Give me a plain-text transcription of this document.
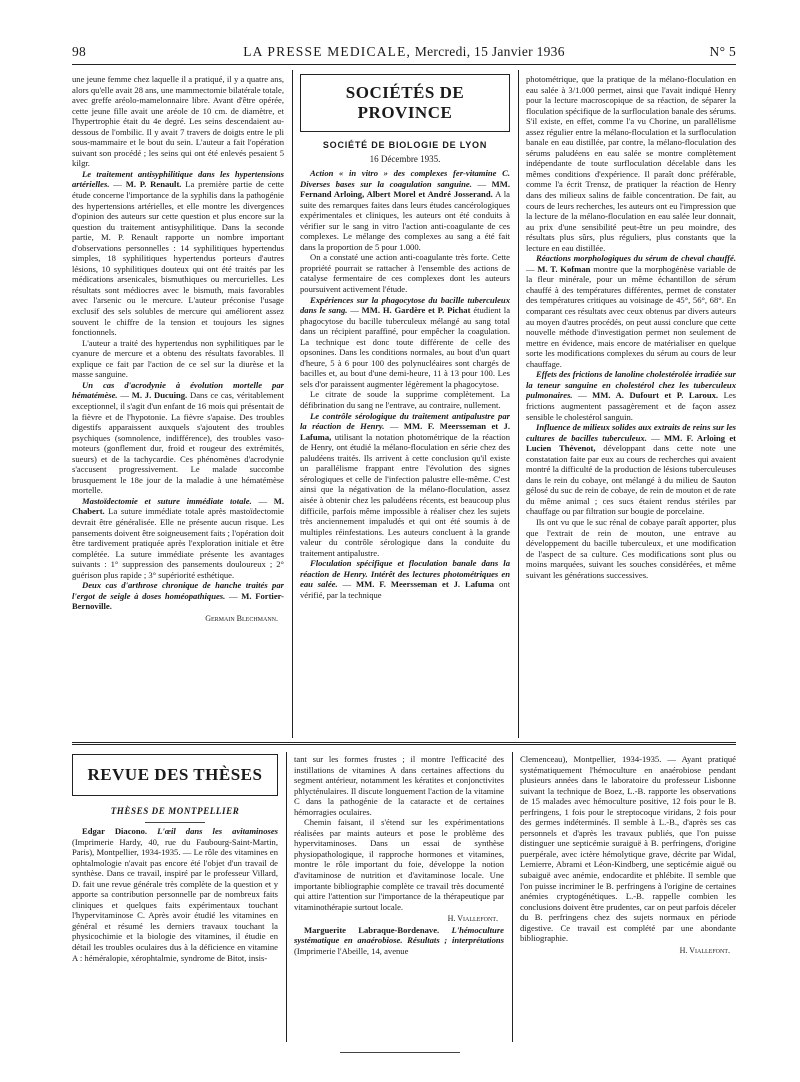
98	LA PRESSE MEDICALE, Mercredi, 15 Janvier 1936	N° 5

une jeune femme chez laquelle il a pratiqué, il y a quatre ans, alors qu'elle avait 28 ans, une mammectomie bilatérale totale, avec greffe aréolo-mamelonnaire libre. Avant d'être opérée, cette jeune fille avait une aréole de 10 cm. de diamètre, et l'hypertrophie était du 4e degré. Les seins descendaient au-dessous de l'ombilic. Il y avait 7 travers de doigts entre le pli sous-mammaire et le bout du sein. L'auteur a fait l'opération suivant son procédé ; les seins qui ont été enlevés pesaient 5 kilgr.

Le traitement antisyphilitique dans les hypertensions artérielles. — M. P. Renault. La première partie de cette étude concerne l'importance de la syphilis dans la pathogénie des hypertensions artérielles, et elle montre les divergences d'opinion des auteurs sur cette question et plus encore sur la question du traitement antisyphilitique. Dans la seconde partie, M. P. Renault rapporte un nombre important d'observations personnelles : 14 syphilitiques hypertendus simples, 18 syphilitiques hypertendus porteurs d'autres lésions, 10 syphilitiques douteux qui ont été traités par les médications arsenicales, bismuthiques ou mercurielles. Les résultats sont médiocres avec le bismuth, mais favorables avec l'arsenic ou le mercure. L'auteur préconise l'usage exclusif des sels solubles de mercure qui améliorent assez souvent le chiffre de la tension et toujours les signes fonctionnels.

L'auteur a traité des hypertendus non syphilitiques par le cyanure de mercure et a obtenu des résultats favorables. Il explique ce fait par l'action de ce sel sur la diurèse et la masse sanguine.

Un cas d'acrodynie à évolution mortelle par hématémèse. — M. J. Ducuing. Dans ce cas, véritablement exceptionnel, il s'agit d'un enfant de 16 mois qui présentait de la fièvre et de l'hypotonie. La fièvre s'apaise. Des troubles digestifs apparaissent auxquels s'ajoutent des troubles psychiques (somnolence, indifférence), des troubles vaso-moteurs (gonflement dur, froid et rougeur des extrémités, sueurs) et de la tachycardie. Ces phénomènes d'acrodynie s'accusent progressivement. Le malade succombe brusquement le 18e jour de la maladie à une hématémèse mortelle.

Mastoïdectomie et suture immédiate totale. — M. Chabert. La suture immédiate totale après mastoïdectomie devrait être généralisée. Elle ne présente aucun risque. Les pansements doivent être soigneusement faits ; l'opération doit être tardivement pratiquée après l'exploration initiale et être complétée. La suture immédiate présente les avantages suivants : 1° suppression des pansements douloureux ; 2° guérison plus rapide ; 3° supériorité esthétique.

Deux cas d'arthrose chronique de hanche traités par l'ergot de seigle à doses homéopathiques. — M. Fortier-Bernoville.

Germain Blechmann.
SOCIÉTÉS DE PROVINCE
SOCIÉTÉ DE BIOLOGIE DE LYON
16 Décembre 1935.

Action « in vitro » des complexes fer-vitamine C. Diverses bases sur la coagulation sanguine. — MM. Fernand Arloing, Albert Morel et André Josserand. A la suite des remarques faites dans leurs études cancérologiques expérimentales et cliniques, les auteurs ont été conduits à vérifier sur le sang in vitro l'action anti-coagulante de ces complexes. Le mélange des complexes au sang a été fait dans la proportion de 5 pour 1.000.

On a constaté une action anti-coagulante très forte. Cette propriété pourrait se rattacher à l'ensemble des actions de catalyse fermentaire de ces complexes dont les auteurs poursuivent activement l'étude.

Expériences sur la phagocytose du bacille tuberculeux dans le sang. — MM. H. Gardère et P. Pichat étudient la phagocytose du bacille tuberculeux mélangé au sang total dans un récipient paraffiné, pour empêcher la coagulation. La technique est donc toute différente de celle des opsonines. Dans les conditions normales, au bout d'un quart d'heure, 5 à 6 pour 100 des polynucléaires sont chargés de bacilles et, au bout d'une demi-heure, 11 à 13 pour 100. Les sels d'or paraissent augmenter légèrement la phagocytose.

Le citrate de soude la supprime complètement. La défibrination du sang ne l'entrave, au contraire, nullement.

Le contrôle sérologique du traitement antipalustre par la réaction de Henry. — MM. F. Meersseman et J. Lafuma, utilisant la notation photométrique de la réaction de Henry, ont étudié la mélano-floculation en série chez des paludéens traités. Ils arrivent à cette conclusion qu'il existe un parallélisme frappant entre l'évolution des signes sérologiques et celle de l'infection palustre elle-même. C'est ainsi que la négativation de la mélano-floculation, assez aisée à obtenir chez les paludéens récents, est beaucoup plus difficile, parfois même impossible à réaliser chez les sujets très anciennement impaludés et qui ont été soumis à de multiples réinfestations. Les auteurs concluent à la grande valeur du contrôle sérologique dans la conduite du traitement antipalustre.

Floculation spécifique et floculation banale dans la réaction de Henry. Intérêt des lectures photométriques en eau salée. — MM. F. Meersseman et J. Lafuma ont vérifié, par la technique

photométrique, que la pratique de la mélano-floculation en eau salée à 3/1.000 permet, ainsi que l'avait indiqué Henry pour la lecture macroscopique de sa réaction, de séparer la floculation spécifique de la surfloculation banale des sérums. S'il existe, en effet, comme l'a vu Chorine, un parallélisme assez régulier entre la mélano-floculation et la surfloculation banale en eau distillée, par contre, la mélano-floculation des sérums paludéens en eau salée se montre complètement indépendante de toute surfloculation décelable dans les mêmes conditions d'expérience. Il paraît donc préférable, comme l'a écrit Trensz, de pratiquer la réaction de Henry dans des milieux salins de faible concentration. De fait, au cours de leurs recherches, les auteurs ont eu l'impression que la lecture de la mélano-floculation en eau salée leur donnait, au prix d'une sensibilité peut-être un peu moindre, des résultats plus sûrs, plus réguliers, plus constants que la lecture en eau distillée.

Réactions morphologiques du sérum de cheval chauffé. — M. T. Kofman montre que la morphogénèse variable de la fleur minérale, pour un même échantillon de sérum chauffé à des températures différentes, permet de constater des températures critiques au voisinage de 45°, 56°, 68°. En comparant ces résultats avec ceux obtenus par divers auteurs au moyen d'autres procédés, on peut aussi conclure que cette nouvelle méthode d'investigation permet non seulement de mettre en évidence, mais encore de matérialiser en quelque sorte les modifications complexes du sérum au cours de leur chauffage.

Effets des frictions de lanoline cholestérolée irradiée sur la teneur sanguine en cholestérol chez les tuberculeux pulmonaires. — MM. A. Dufourt et P. Laroux. Les frictions augmentent passagèrement et de façon assez sensible le cholestérol sanguin.

Influence de milieux solides aux extraits de reins sur les cultures de bacilles tuberculeux. — MM. F. Arloing et Lucien Thévenot, développant dans cette note une constatation faite par eux au cours de recherches qui avaient montré la difficulté de la production de lésions tuberculeuses dans le rein du cobaye, ont mélangé à du milieu de Sauton gélosé du suc de rein de cobaye, de rein de mouton et de rate du même animal ; ces sucs étaient rendus stériles par chauffage ou par filtration sur bougie de porcelaine.

Ils ont vu que le suc rénal de cobaye paraît apporter, plus que l'extrait de rein de mouton, une entrave au développement du bacille tuberculeux, et une modification de l'aspect de sa culture. Ces modifications sont plus ou moins marquées, suivant les souches considérées, et même suivant les générations successives.

REVUE DES THÈSES
THÈSES DE MONTPELLIER

Edgar Diacono. L'œil dans les avitaminoses (Imprimerie Hardy, 40, rue du Faubourg-Saint-Martin, Paris), Montpellier, 1934-1935. — Le rôle des vitamines en ophtalmologie n'avait pas encore été l'objet d'un travail de synthèse. Dans ce travail, inspiré par le professeur Villard, D. fait une revue générale très complète de la question et y apporte sa contribution personnelle par de nombreux faits cliniques et quelques faits expérimentaux touchant l'hypervitaminose C. Après avoir étudié les vitamines en général et résumé les derniers travaux touchant la physicochimie et la biologie des vitamines, il étudie en détail les troubles oculaires dus à la déficience en vitamine A : héméralopie, xérophtalmie, syndrome de Bitot, insis-

tant sur les formes frustes ; il montre l'efficacité des instillations de vitamines A dans certaines affections du segment antérieur, notamment les kératites et conjonctivites phlycténulaires. Il discute longuement l'action de la vitamine C dans la pathogénie de la cataracte et de certaines hémorragies oculaires.

Chemin faisant, il s'étend sur les expérimentations réalisées par maints auteurs et pose le problème des hypervitaminoses. Dans un essai de synthèse physiopathologique, il rapproche hormones et vitamines, montre le rôle important du foie, développe la notion d'avitaminose de nutrition et d'avitaminose locale. Une importante bibliographie complète ce travail très documenté qui attire l'attention sur l'importance de la thérapeutique par vitaminothérapie surtout locale.

H. Viallefont.

Marguerite Labraque-Bordenave. L'hémoculture systématique en anaérobiose. Résultats ; interprétations (Imprimerie l'Abeille, 14, avenue

Clemenceau), Montpellier, 1934-1935. — Ayant pratiqué systématiquement l'hémoculture en anaérobiose pendant plusieurs années dans le laboratoire du professeur Lisbonne suivant la technique de Boez, L.-B. rapporte les observations de 15 malades avec hémoculture positive, 12 fois pour le B. perfringens, 1 fois pour le streptocoque viridans, 2 fois pour des germes indéterminés. Il semble à L.-B., d'après ses cas personnels et d'après les travaux publiés, que l'on puisse distinguer une septicémie suraiguë à B. perfringens, d'origine puerpérale, avec ictère hémolytique grave, décrite par Widal, Lemierre, Abrami et Léon-Kindberg, une septicémie aiguë ou subaiguë avec anémie, endocardite et phlébite. Il semble que l'on puisse incriminer le B. perfringens à l'origine de certaines anémies cryptogénétiques. L.-B. rappelle combien les conclusions doivent être prudentes, car on peut parfois déceler du B. perfringens chez des sujets normaux en période digestive. Ce travail est complété par une abondante bibliographie.

H. Viallefont.
